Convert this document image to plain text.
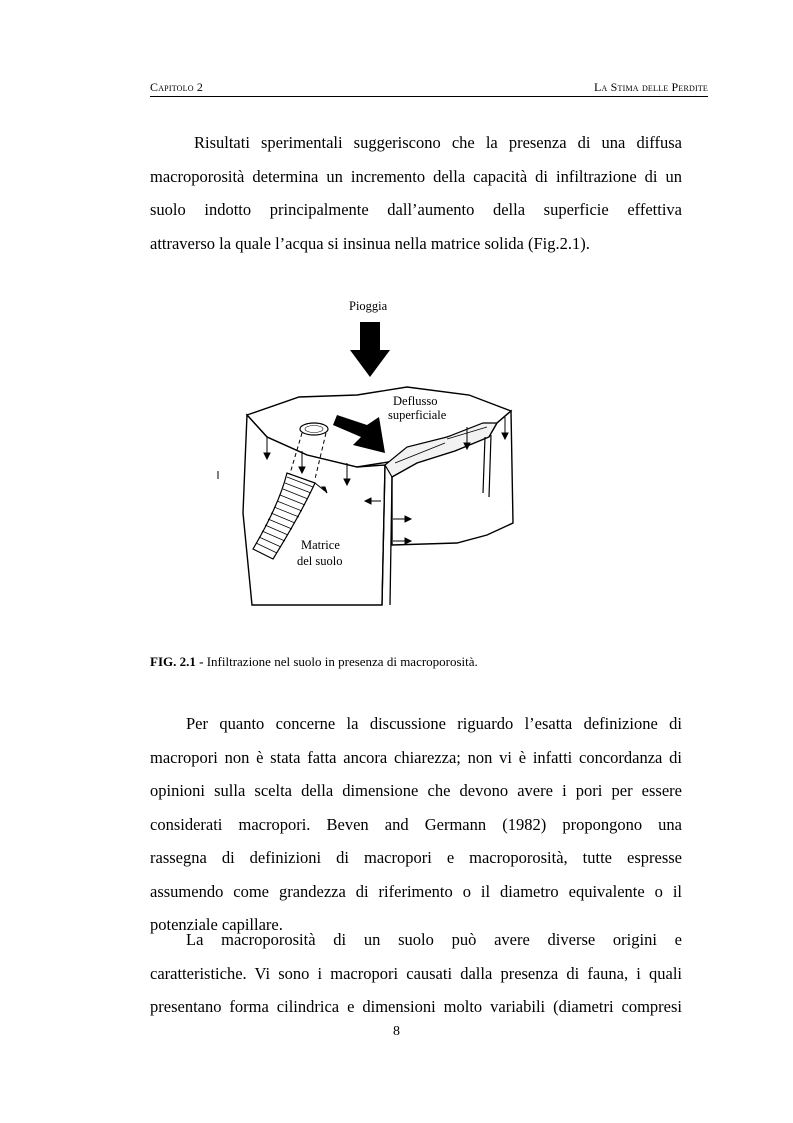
Capitolo 2	La Stima delle Perdite
Risultati sperimentali suggeriscono che la presenza di una diffusa
macroporosità determina un incremento della capacità di infiltrazione di un
suolo indotto principalmente dall’aumento della superficie effettiva
attraverso la quale l’acqua si insinua nella matrice solida (Fig.2.1).
Pioggia
Deflusso
superficiale
Matrice
del suolo
FIG. 2.1 - Infiltrazione nel suolo in presenza di macroporosità.
Per quanto concerne la discussione riguardo l’esatta definizione di
macropori non è stata fatta ancora chiarezza; non vi è infatti concordanza di
opinioni sulla scelta della dimensione che devono avere i pori per essere
considerati macropori. Beven and Germann (1982) propongono una
rassegna di definizioni di macropori e macroporosità, tutte espresse
assumendo come grandezza di riferimento o il diametro equivalente o il
potenziale capillare.
La macroporosità di un suolo può avere diverse origini e
caratteristiche. Vi sono i macropori causati dalla presenza di fauna, i quali
presentano forma cilindrica e dimensioni molto variabili (diametri compresi
8
